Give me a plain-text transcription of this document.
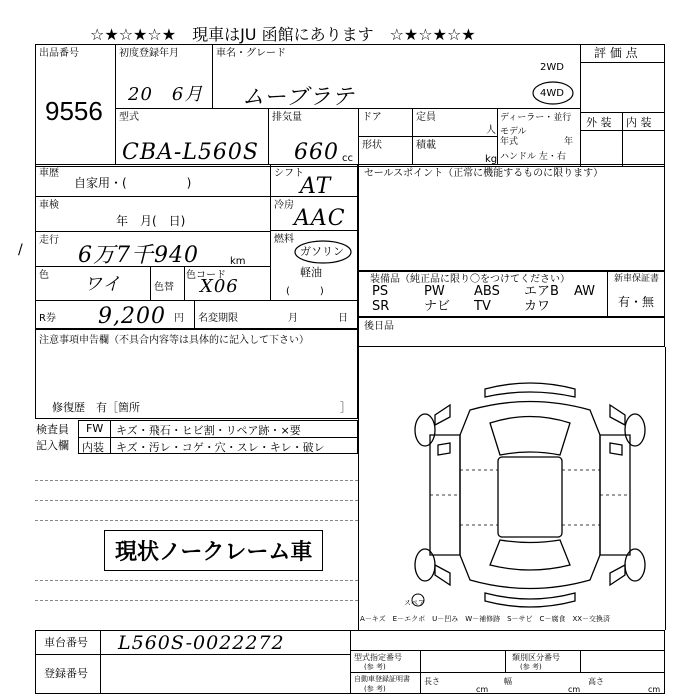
☆★☆★☆★　現車はJU 函館にあります　☆★☆★☆★
評 価 点
外 装 内 装
出品番号
9556
初度登録年月
20　6月
車名・グレード
ムーブラテ
2WD
4WD
型式
CBA-L560S
排気量
660 cc
ドア	定員
人
ディーラー・並行
モデル
年式	年
形状	積載
kg ハンドル 左・右
車歴
自家用・(　　　　　)
シフト
AT
車検
年　月(　日)
冷房
AAC
走行
6万7千940	km
燃料
ガソリン
軽油
(　　　)
色 ワイ	色替
色コード
X06
R券 9,200 円 名変期限	月	日
注意事項申告欄（不具合内容等は具体的に記入して下さい）
修復歴　有［箇所	］
検査員
記入欄
FW キズ・飛石・ヒビ割・リペア跡・×要
内装 キズ・汚レ・コゲ・穴・スレ・キレ・破レ
現状ノークレーム車
セールスポイント（正常に機能するものに限ります）
装備品（純正品に限り〇をつけてください）	新車保証書
有・無
後日品
スペア
A－キズ　E－エクボ　U－凹み　W－補修跡　S－サビ　C－腐食　XX－交換済
車台番号 L560S-0022272
登録番号
型式指定番号
(参 考)
類別区分番号
(参 考)
自動車登録証明書
(参 考)
長さ
cm
幅
cm
高さ
cm
/
PS	PW ABS エアB AW
SR	ナビ TV	カワ
